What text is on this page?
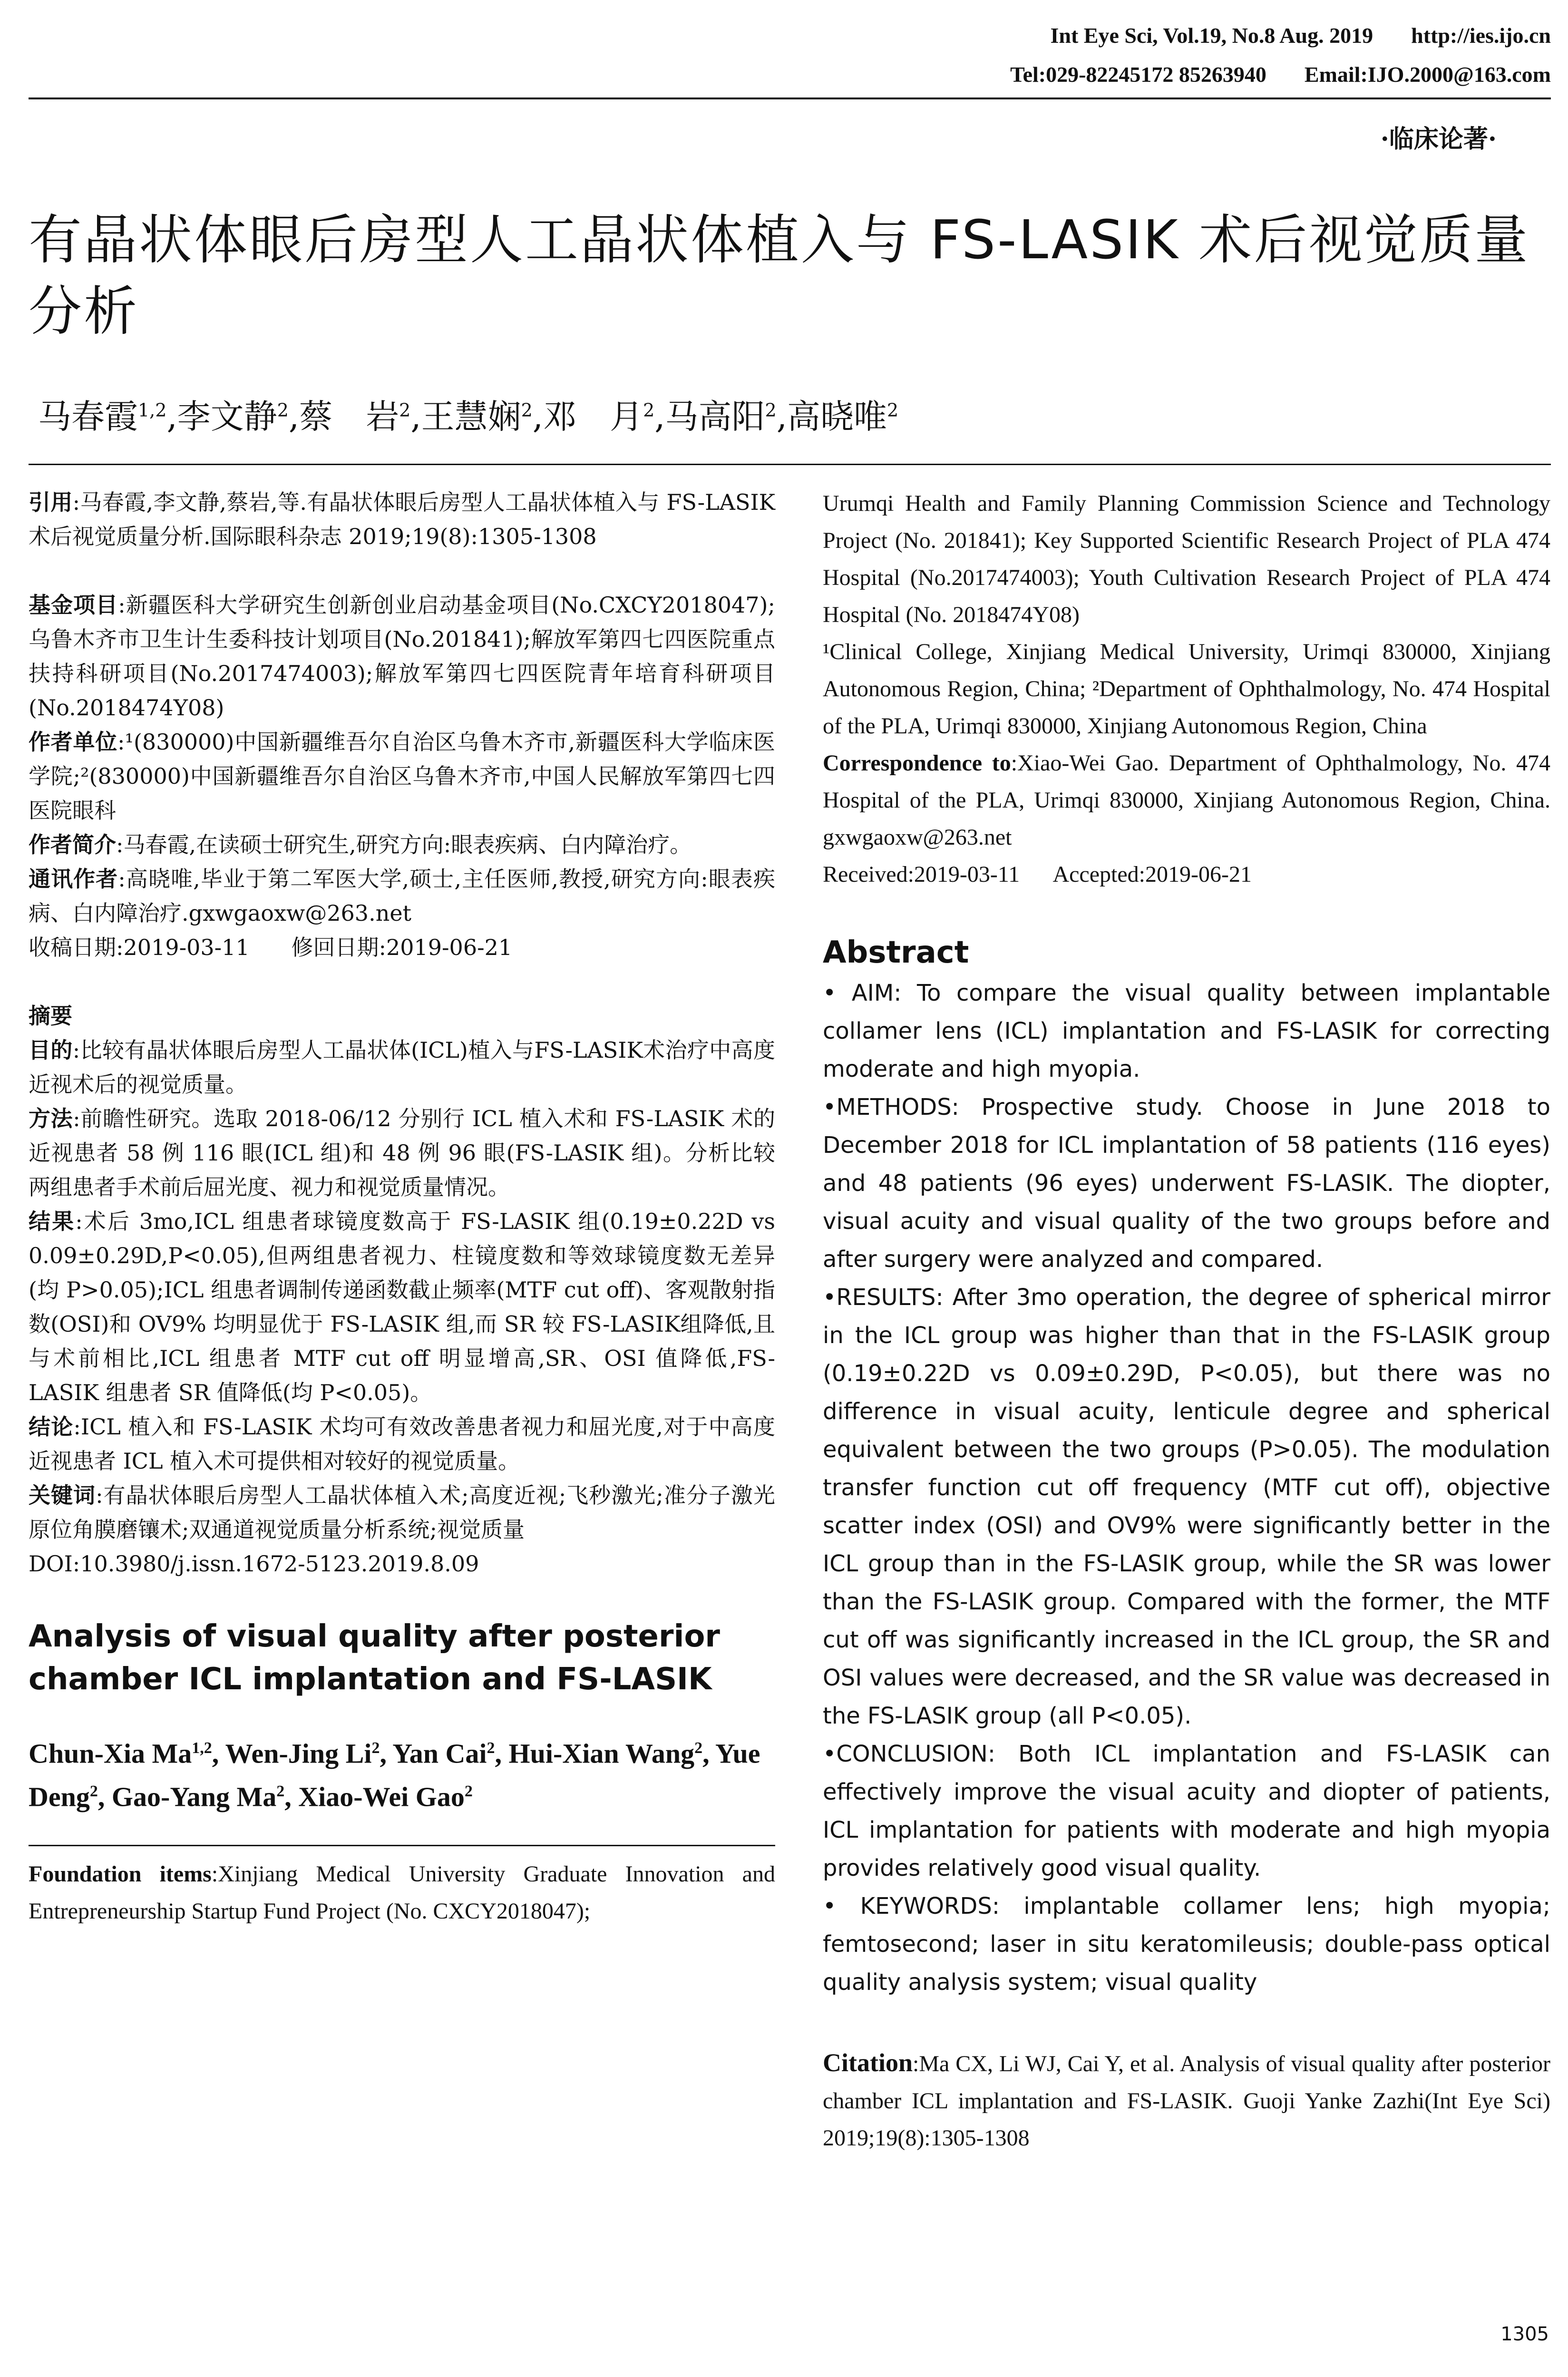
Int Eye Sci, Vol.19, No.8 Aug. 2019 http://ies.ijo.cn
Tel:029-82245172 85263940 Email:IJO.2000@163.com
·临床论著·
有晶状体眼后房型人工晶状体植入与 FS-LASIK 术后视觉质量分析
马春霞$^{1,2}$,李文静$^2$,蔡　岩$^2$,王慧娴$^2$,邓　月$^2$,马高阳$^2$,高晓唯$^2$

引用:马春霞,李文静,蔡岩,等.有晶状体眼后房型人工晶状体植入与 FS-LASIK 术后视觉质量分析.国际眼科杂志 2019;19(8):1305-1308

基金项目:新疆医科大学研究生创新创业启动基金项目(No.CXCY2018047);乌鲁木齐市卫生计生委科技计划项目(No.201841);解放军第四七四医院重点扶持科研项目(No.2017474003);解放军第四七四医院青年培育科研项目(No.2018474Y08)

作者单位:¹(830000)中国新疆维吾尔自治区乌鲁木齐市,新疆医科大学临床医学院;²(830000)中国新疆维吾尔自治区乌鲁木齐市,中国人民解放军第四七四医院眼科

作者简介:马春霞,在读硕士研究生,研究方向:眼表疾病、白内障治疗。

通讯作者:高晓唯,毕业于第二军医大学,硕士,主任医师,教授,研究方向:眼表疾病、白内障治疗.gxwgaoxw@263.net

收稿日期:2019-03-11      修回日期:2019-06-21

摘要

目的:比较有晶状体眼后房型人工晶状体(ICL)植入与FS-LASIK术治疗中高度近视术后的视觉质量。

方法:前瞻性研究。选取 2018-06/12 分别行 ICL 植入术和 FS-LASIK 术的近视患者 58 例 116 眼(ICL 组)和 48 例 96 眼(FS-LASIK 组)。分析比较两组患者手术前后屈光度、视力和视觉质量情况。

结果:术后 3mo,ICL 组患者球镜度数高于 FS-LASIK 组(0.19±0.22D vs 0.09±0.29D,P<0.05),但两组患者视力、柱镜度数和等效球镜度数无差异(均 P>0.05);ICL 组患者调制传递函数截止频率(MTF cut off)、客观散射指数(OSI)和 OV9% 均明显优于 FS-LASIK 组,而 SR 较 FS-LASIK组降低,且与术前相比,ICL 组患者 MTF cut off 明显增高,SR、OSI 值降低,FS-LASIK 组患者 SR 值降低(均 P<0.05)。

结论:ICL 植入和 FS-LASIK 术均可有效改善患者视力和屈光度,对于中高度近视患者 ICL 植入术可提供相对较好的视觉质量。

关键词:有晶状体眼后房型人工晶状体植入术;高度近视;飞秒激光;准分子激光原位角膜磨镶术;双通道视觉质量分析系统;视觉质量

DOI:10.3980/j.issn.1672-5123.2019.8.09

Analysis of visual quality after posterior chamber ICL implantation and FS-LASIK

Chun-Xia Ma$^{1,2}$, Wen-Jing Li$^2$, Yan Cai$^2$, Hui-Xian Wang$^2$, Yue Deng$^2$, Gao-Yang Ma$^2$, Xiao-Wei Gao$^2$

Foundation items:Xinjiang Medical University Graduate Innovation and Entrepreneurship Startup Fund Project (No. CXCY2018047);

Urumqi Health and Family Planning Commission Science and Technology Project (No. 201841); Key Supported Scientific Research Project of PLA 474 Hospital (No.2017474003); Youth Cultivation Research Project of PLA 474 Hospital (No. 2018474Y08)

¹Clinical College, Xinjiang Medical University, Urimqi 830000, Xinjiang Autonomous Region, China; ²Department of Ophthalmology, No. 474 Hospital of the PLA, Urimqi 830000, Xinjiang Autonomous Region, China

Correspondence to:Xiao-Wei Gao. Department of Ophthalmology, No. 474 Hospital of the PLA, Urimqi 830000, Xinjiang Autonomous Region, China. gxwgaoxw@263.net

Received:2019-03-11      Accepted:2019-06-21

Abstract

• AIM: To compare the visual quality between implantable collamer lens (ICL) implantation and FS-LASIK for correcting moderate and high myopia.

•METHODS: Prospective study. Choose in June 2018 to December 2018 for ICL implantation of 58 patients (116 eyes) and 48 patients (96 eyes) underwent FS-LASIK. The diopter, visual acuity and visual quality of the two groups before and after surgery were analyzed and compared.

•RESULTS: After 3mo operation, the degree of spherical mirror in the ICL group was higher than that in the FS-LASIK group (0.19±0.22D vs 0.09±0.29D, P<0.05), but there was no difference in visual acuity, lenticule degree and spherical equivalent between the two groups (P>0.05). The modulation transfer function cut off frequency (MTF cut off), objective scatter index (OSI) and OV9% were significantly better in the ICL group than in the FS-LASIK group, while the SR was lower than the FS-LASIK group. Compared with the former, the MTF cut off was significantly increased in the ICL group, the SR and OSI values were decreased, and the SR value was decreased in the FS-LASIK group (all P<0.05).

•CONCLUSION: Both ICL implantation and FS-LASIK can effectively improve the visual acuity and diopter of patients, ICL implantation for patients with moderate and high myopia provides relatively good visual quality.

• KEYWORDS: implantable collamer lens; high myopia; femtosecond; laser in situ keratomileusis; double-pass optical quality analysis system; visual quality

Citation:Ma CX, Li WJ, Cai Y, et al. Analysis of visual quality after posterior chamber ICL implantation and FS-LASIK. Guoji Yanke Zazhi(Int Eye Sci) 2019;19(8):1305-1308

1305
